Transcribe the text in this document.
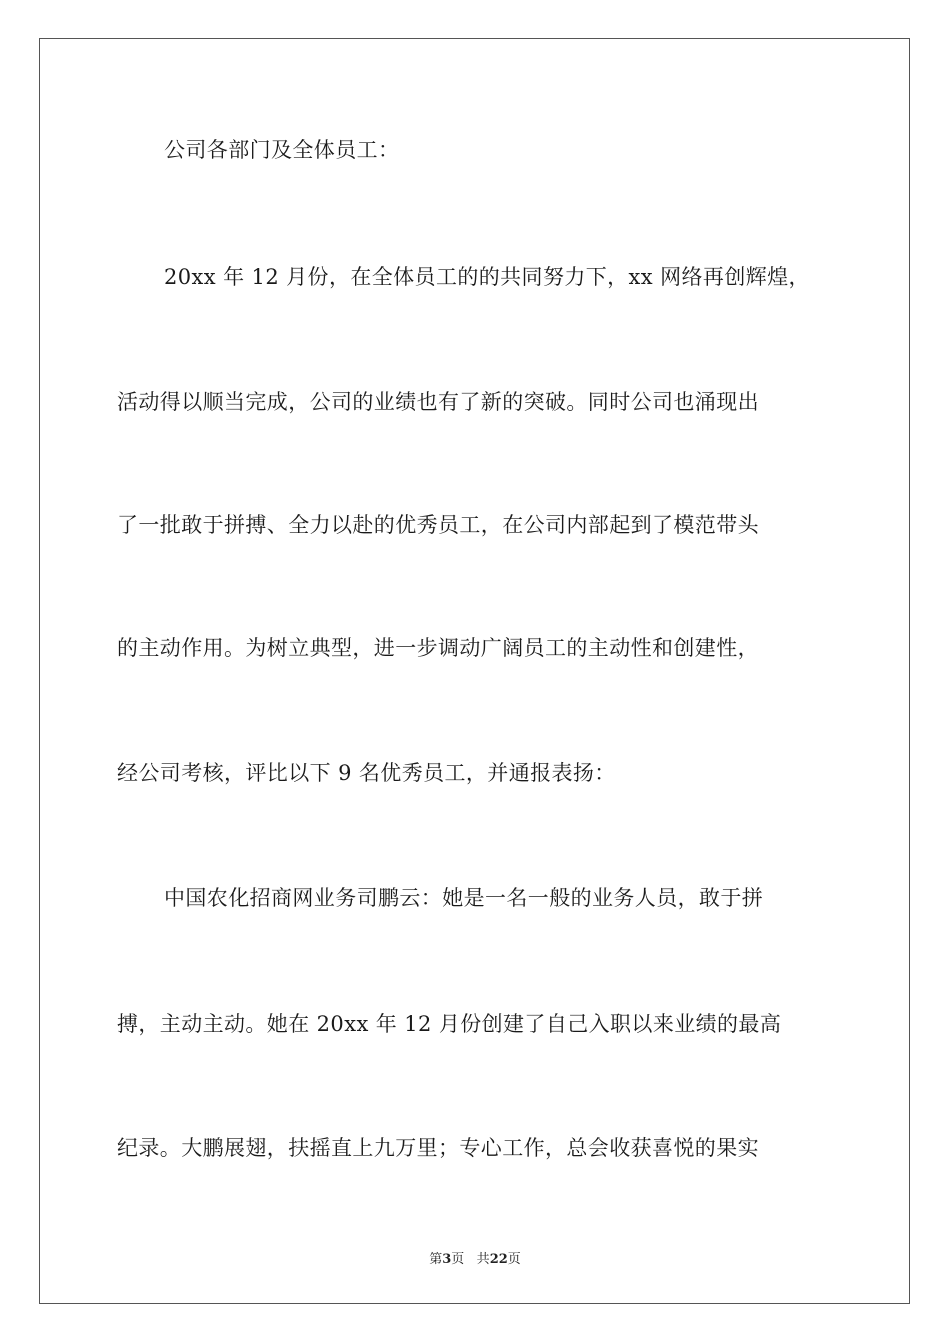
公司各部门及全体员工：
20xx 年 12 月份，在全体员工的的共同努力下，xx 网络再创辉煌，
活动得以顺当完成，公司的业绩也有了新的突破。同时公司也涌现出
了一批敢于拼搏、全力以赴的优秀员工，在公司内部起到了模范带头
的主动作用。为树立典型，进一步调动广阔员工的主动性和创建性，
经公司考核，评比以下 9 名优秀员工，并通报表扬：
中国农化招商网业务司鹏云：她是一名一般的业务人员，敢于拼
搏，主动主动。她在 20xx 年 12 月份创建了自己入职以来业绩的最高
纪录。大鹏展翅，扶摇直上九万里；专心工作，总会收获喜悦的果实
第3页 共22页
